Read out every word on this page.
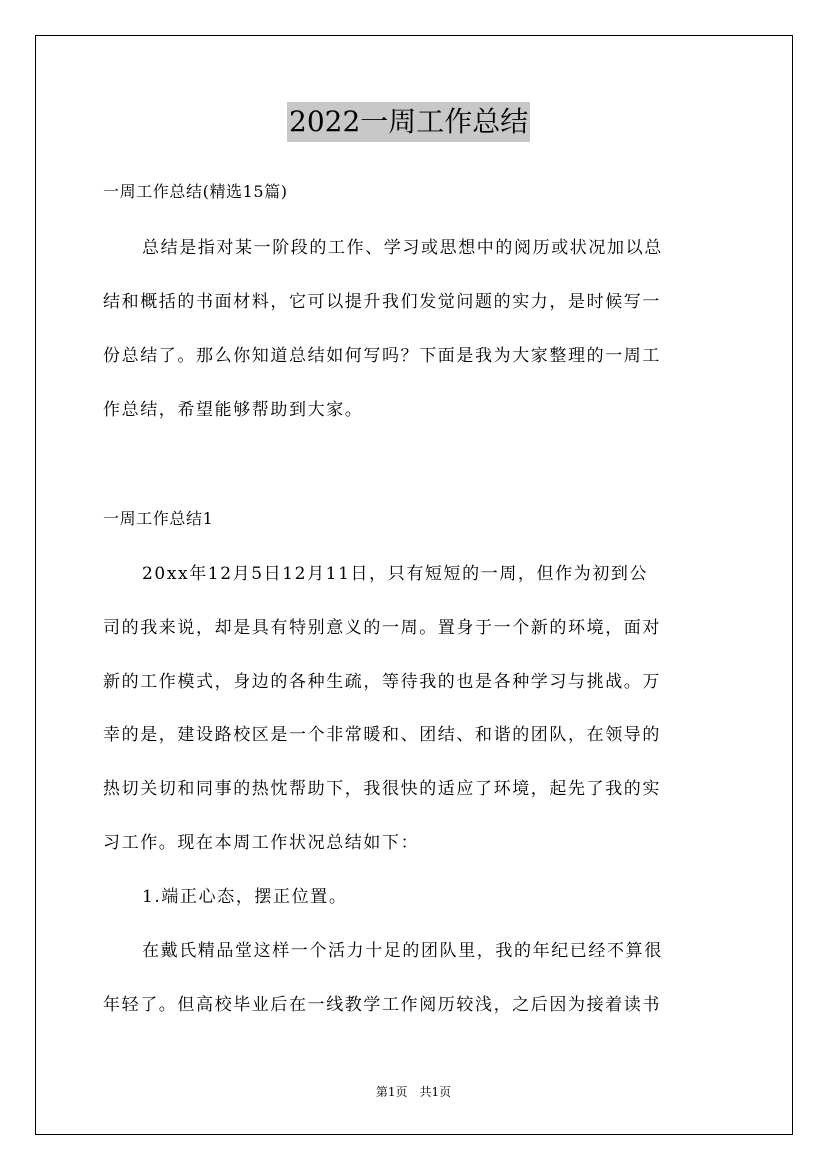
2022一周工作总结
一周工作总结(精选15篇)
总结是指对某一阶段的工作、学习或思想中的阅历或状况加以总
结和概括的书面材料，它可以提升我们发觉问题的实力，是时候写一
份总结了。那么你知道总结如何写吗？下面是我为大家整理的一周工
作总结，希望能够帮助到大家。
一周工作总结1
20xx年12月5日12月11日，只有短短的一周，但作为初到公
司的我来说，却是具有特别意义的一周。置身于一个新的环境，面对
新的工作模式，身边的各种生疏，等待我的也是各种学习与挑战。万
幸的是，建设路校区是一个非常暖和、团结、和谐的团队，在领导的
热切关切和同事的热忱帮助下，我很快的适应了环境，起先了我的实
习工作。现在本周工作状况总结如下：
1.端正心态，摆正位置。
在戴氏精品堂这样一个活力十足的团队里，我的年纪已经不算很
年轻了。但高校毕业后在一线教学工作阅历较浅，之后因为接着读书
第1页 共1页
